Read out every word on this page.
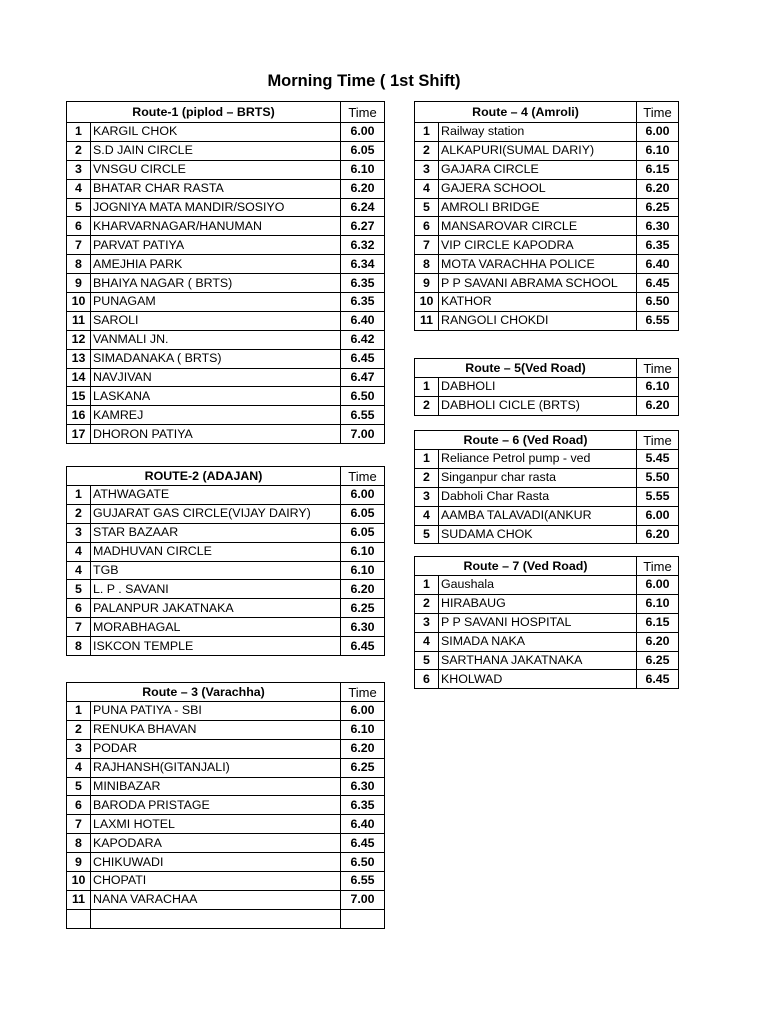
Morning Time ( 1st Shift)
Route-1 (piplod – BRTS)		Time
1	KARGIL CHOK	6.00
2	S.D JAIN CIRCLE	6.05
3	VNSGU CIRCLE	6.10
4	BHATAR CHAR RASTA	6.20
5	JOGNIYA MATA MANDIR/SOSIYO	6.24
6	KHARVARNAGAR/HANUMAN	6.27
7	PARVAT PATIYA	6.32
8	AMEJHIA PARK	6.34
9	BHAIYA NAGAR ( BRTS)	6.35
10	PUNAGAM	6.35
11	SAROLI	6.40
12	VANMALI JN.	6.42
13	SIMADANAKA ( BRTS)	6.45
14	NAVJIVAN	6.47
15	LASKANA	6.50
16	KAMREJ	6.55
17	DHORON PATIYA	7.00
ROUTE-2 (ADAJAN)		Time
1	ATHWAGATE	6.00
2	GUJARAT GAS CIRCLE(VIJAY DAIRY)	6.05
3	STAR BAZAAR	6.05
4	MADHUVAN CIRCLE	6.10
4	TGB	6.10
5	L. P . SAVANI	6.20
6	PALANPUR JAKATNAKA	6.25
7	MORABHAGAL	6.30
8	ISKCON TEMPLE	6.45
Route – 3 (Varachha)		Time
1	PUNA PATIYA - SBI	6.00
2	RENUKA BHAVAN	6.10
3	PODAR	6.20
4	RAJHANSH(GITANJALI)	6.25
5	MINIBAZAR	6.30
6	BARODA PRISTAGE	6.35
7	LAXMI HOTEL	6.40
8	KAPODARA	6.45
9	CHIKUWADI	6.50
10	CHOPATI	6.55
11	NANA VARACHAA	7.00

Route – 4 (Amroli)		Time
1	Railway station	6.00
2	ALKAPURI(SUMAL DARIY)	6.10
3	GAJARA CIRCLE	6.15
4	GAJERA SCHOOL	6.20
5	AMROLI BRIDGE	6.25
6	MANSAROVAR CIRCLE	6.30
7	VIP CIRCLE KAPODRA	6.35
8	MOTA VARACHHA POLICE	6.40
9	P P SAVANI ABRAMA SCHOOL	6.45
10	KATHOR	6.50
11	RANGOLI CHOKDI	6.55
Route – 5(Ved Road)		Time
1	DABHOLI	6.10
2	DABHOLI CICLE (BRTS)	6.20
Route – 6 (Ved Road)		Time
1	Reliance Petrol pump - ved	5.45
2	Singanpur char rasta	5.50
3	Dabholi Char Rasta	5.55
4	AAMBA TALAVADI(ANKUR	6.00
5	SUDAMA CHOK	6.20
Route – 7 (Ved Road)		Time
1	Gaushala	6.00
2	HIRABAUG	6.10
3	P P SAVANI HOSPITAL	6.15
4	SIMADA NAKA	6.20
5	SARTHANA JAKATNAKA	6.25
6	KHOLWAD	6.45
